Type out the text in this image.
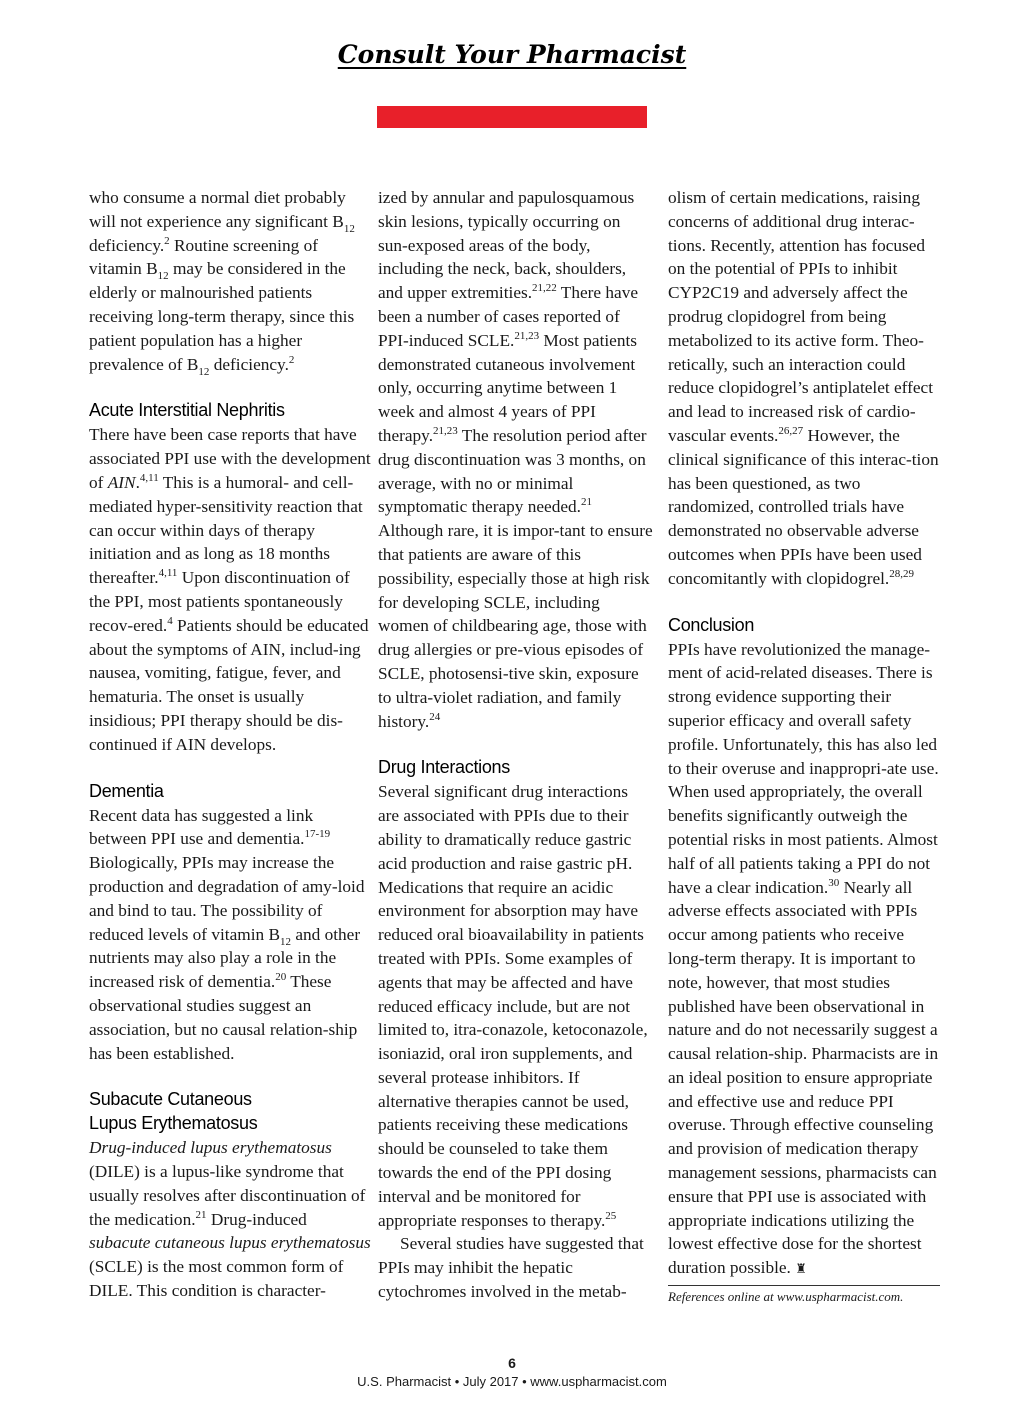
Consult Your Pharmacist

who consume a normal diet probably will not experience any significant $B_{12}$ deficiency.$^2$ Routine screening of vitamin $B_{12}$ may be considered in the elderly or malnourished patients receiving long-term therapy, since this patient population has a higher prevalence of $B_{12}$ deficiency.$^2$

Acute Interstitial Nephritis

There have been case reports that have associated PPI use with the development of AIN.$^{4,11}$ This is a humoral- and cell-mediated hyper-sensitivity reaction that can occur within days of therapy initiation and as long as 18 months thereafter.$^{4,11}$ Upon discontinuation of the PPI, most patients spontaneously recov-ered.$^4$ Patients should be educated about the symptoms of AIN, includ-ing nausea, vomiting, fatigue, fever, and hematuria. The onset is usually insidious; PPI therapy should be dis-continued if AIN develops.

Dementia

Recent data has suggested a link between PPI use and dementia.$^{17-19}$ Biologically, PPIs may increase the production and degradation of amy-loid and bind to tau. The possibility of reduced levels of vitamin $B_{12}$ and other nutrients may also play a role in the increased risk of dementia.$^{20}$ These observational studies suggest an association, but no causal relation-ship has been established.

Subacute Cutaneous
Lupus Erythematosus

Drug-induced lupus erythematosus (DILE) is a lupus-like syndrome that usually resolves after discontinuation of the medication.$^{21}$ Drug-induced subacute cutaneous lupus erythematosus (SCLE) is the most common form of DILE. This condition is character-

ized by annular and papulosquamous skin lesions, typically occurring on sun-exposed areas of the body, including the neck, back, shoulders, and upper extremities.$^{21,22}$ There have been a number of cases reported of PPI-induced SCLE.$^{21,23}$ Most patients demonstrated cutaneous involvement only, occurring anytime between 1 week and almost 4 years of PPI therapy.$^{21,23}$ The resolution period after drug discontinuation was 3 months, on average, with no or minimal symptomatic therapy needed.$^{21}$ Although rare, it is impor-tant to ensure that patients are aware of this possibility, especially those at high risk for developing SCLE, including women of childbearing age, those with drug allergies or pre-vious episodes of SCLE, photosensi-tive skin, exposure to ultra-violet radiation, and family history.$^{24}$

Drug Interactions

Several significant drug interactions are associated with PPIs due to their ability to dramatically reduce gastric acid production and raise gastric pH. Medications that require an acidic environment for absorption may have reduced oral bioavailability in patients treated with PPIs. Some examples of agents that may be affected and have reduced efficacy include, but are not limited to, itra-conazole, ketoconazole, isoniazid, oral iron supplements, and several protease inhibitors. If alternative therapies cannot be used, patients receiving these medications should be counseled to take them towards the end of the PPI dosing interval and be monitored for appropriate responses to therapy.$^{25}$

Several studies have suggested that PPIs may inhibit the hepatic cytochromes involved in the metab-

olism of certain medications, raising concerns of additional drug interac-tions. Recently, attention has focused on the potential of PPIs to inhibit CYP2C19 and adversely affect the prodrug clopidogrel from being metabolized to its active form. Theo-retically, such an interaction could reduce clopidogrel’s antiplatelet effect and lead to increased risk of cardio-vascular events.$^{26,27}$ However, the clinical significance of this interac-tion has been questioned, as two randomized, controlled trials have demonstrated no observable adverse outcomes when PPIs have been used concomitantly with clopidogrel.$^{28,29}$

Conclusion

PPIs have revolutionized the manage-ment of acid-related diseases. There is strong evidence supporting their superior efficacy and overall safety profile. Unfortunately, this has also led to their overuse and inappropri-ate use. When used appropriately, the overall benefits significantly outweigh the potential risks in most patients. Almost half of all patients taking a PPI do not have a clear indication.$^{30}$ Nearly all adverse effects associated with PPIs occur among patients who receive long-term therapy. It is important to note, however, that most studies published have been observational in nature and do not necessarily suggest a causal relation-ship. Pharmacists are in an ideal position to ensure appropriate and effective use and reduce PPI overuse. Through effective counseling and provision of medication therapy management sessions, pharmacists can ensure that PPI use is associated with appropriate indications utilizing the lowest effective dose for the shortest duration possible. ♜

References online at www.uspharmacist.com.
6
U.S. Pharmacist • July 2017 • www.uspharmacist.com
